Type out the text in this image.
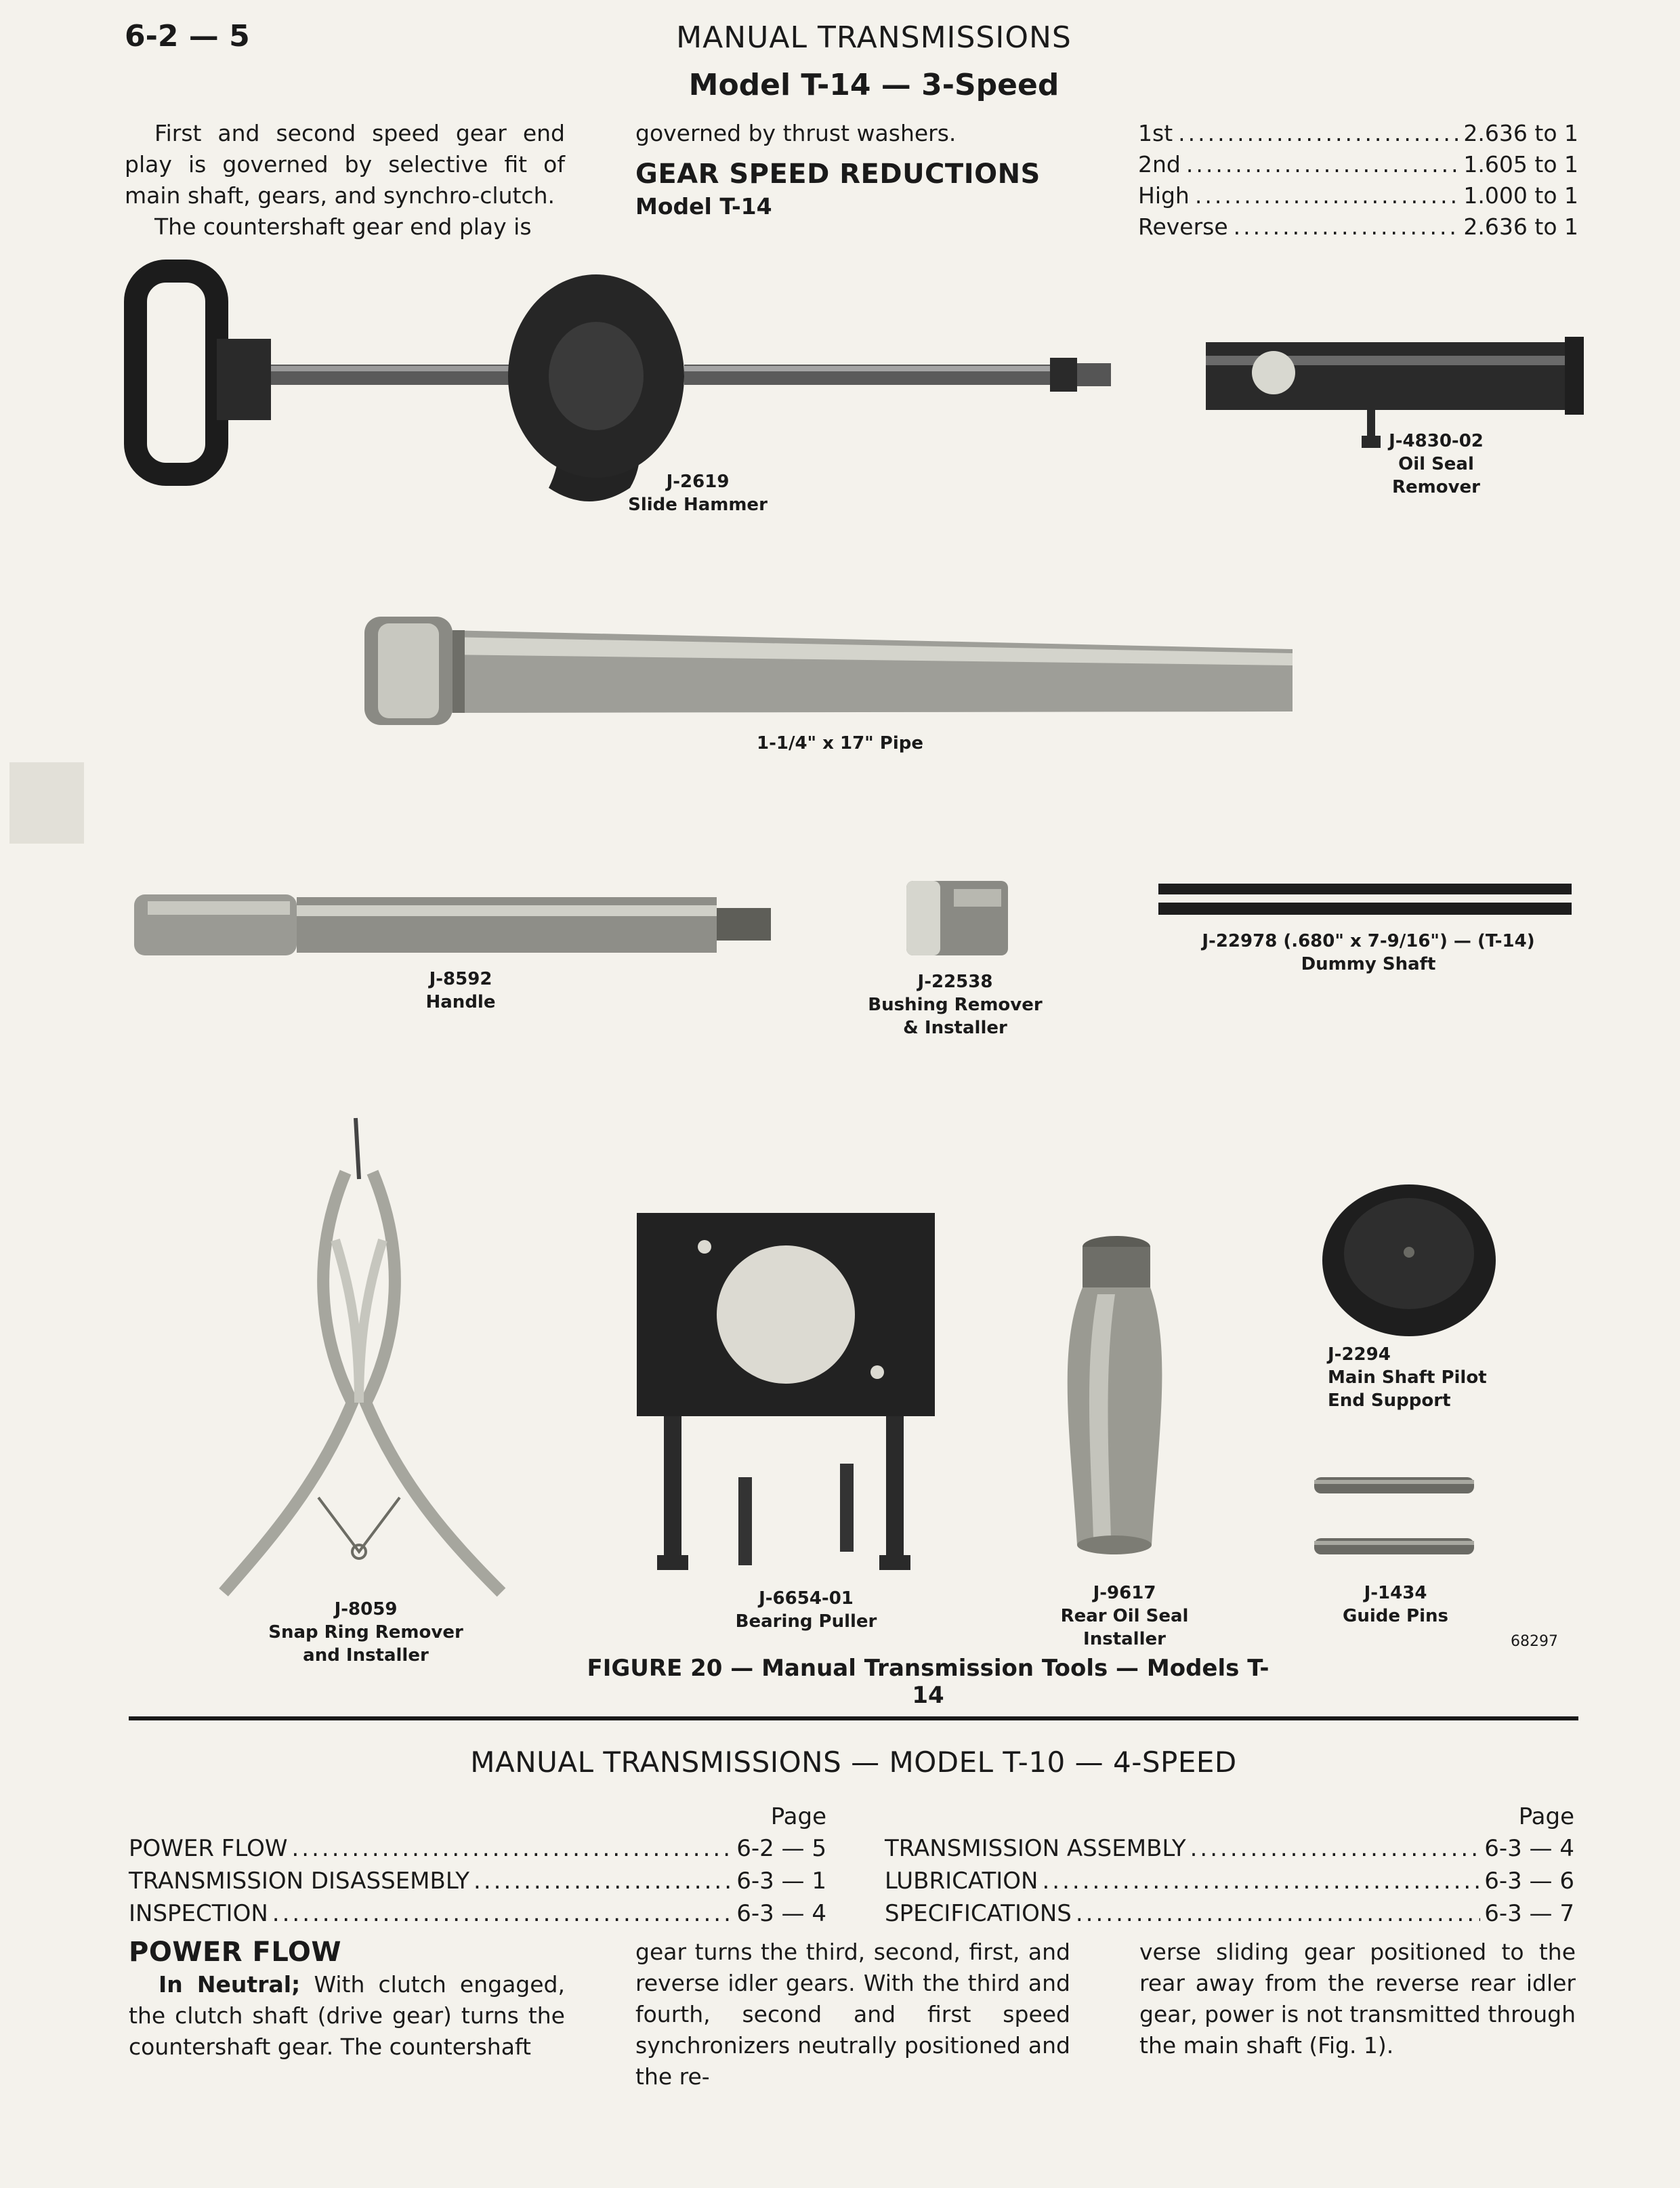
6-2 — 5	MANUAL TRANSMISSIONS
Model T-14 — 3-Speed
First and second speed gear end play is governed by selective fit of main shaft, gears, and synchro-clutch.
The countershaft gear end play is
governed by thrust washers.
GEAR SPEED REDUCTIONS
Model T-14
1st .....	2.636 to 1
2nd .....	1.605 to 1
High .....	1.000 to 1
Reverse .....	2.636 to 1
J-2619
Slide Hammer
J-4830-02
Oil Seal
Remover
1-1/4" x 17" Pipe
J-8592
Handle
J-22538
Bushing Remover
& Installer
J-22978 (.680" x 7-9/16") — (T-14)
Dummy Shaft
J-8059
Snap Ring Remover
and Installer
J-6654-01
Bearing Puller
J-9617
Rear Oil Seal
Installer
J-2294
Main Shaft Pilot
End Support
J-1434
Guide Pins
FIGURE 20 — Manual Transmission Tools — Models T-14
68297
MANUAL TRANSMISSIONS — MODEL T-10 — 4-SPEED
Page
POWER FLOW .....	6-2 — 5
TRANSMISSION DISASSEMBLY .....	6-3 — 1
INSPECTION .....	6-3 — 4
Page
TRANSMISSION ASSEMBLY .....	6-3 — 4
LUBRICATION .....	6-3 — 6
SPECIFICATIONS .....	6-3 — 7
POWER FLOW
In Neutral; With clutch engaged, the clutch shaft (drive gear) turns the countershaft gear. The countershaft
gear turns the third, second, first, and reverse idler gears. With the third and fourth, second and first speed synchronizers neutrally positioned and the re-
verse sliding gear positioned to the rear away from the reverse rear idler gear, power is not transmitted through the main shaft (Fig. 1).
